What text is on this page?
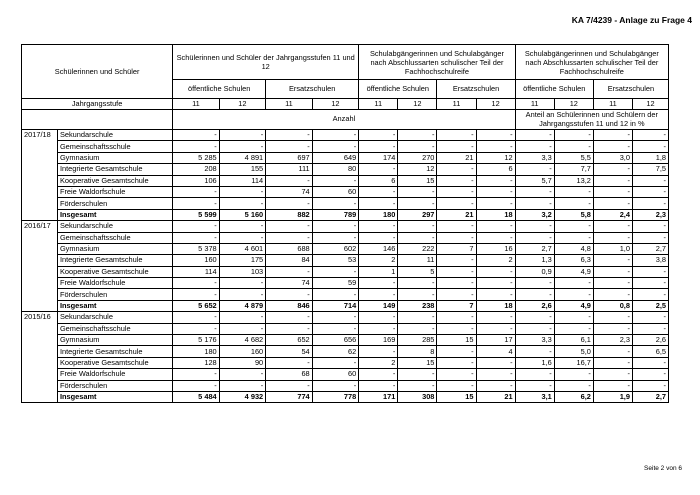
KA 7/4239 - Anlage zu Frage 4
Schülerinnen und Schüler		Schülerinnen und Schüler der Jahrgangsstufen 11 und 12				Schulabgängerinnen und Schulabgänger nach Abschlussarten schulischer Teil der Fachhochschulreife				Schulabgängerinnen und Schulabgänger nach Abschlussarten schulischer Teil der Fachhochschulreife			
		öffentliche Schulen		Ersatzschulen		öffentliche Schulen		Ersatzschulen		öffentliche Schulen		Ersatzschulen	
Jahrgangsstufe		11	12	11	12	11	12	11	12	11	12	11	12
		Anzahl								Anteil an Schülerinnen und Schülern der Jahrgangsstufen 11 und 12 in %			
2017/18	Sekundarschule	-	-	-	-	-	-	-	-	-	-	-	-
	Gemeinschaftsschule	-	-	-	-	-	-	-	-	-	-	-	-
	Gymnasium	5 285	4 891	697	649	174	270	21	12	3,3	5,5	3,0	1,8
	Integrierte Gesamtschule	208	155	111	80	-	12	-	6	-	7,7	-	7,5
	Kooperative Gesamtschule	106	114	-	-	6	15	-	-	5,7	13,2	-	-
	Freie Waldorfschule	-	-	74	60	-	-	-	-	-	-	-	-
	Förderschulen	-	-	-	-	-	-	-	-	-	-	-	-
	Insgesamt	5 599	5 160	882	789	180	297	21	18	3,2	5,8	2,4	2,3
2016/17	Sekundarschule	-	-	-	-	-	-	-	-	-	-	-	-
	Gemeinschaftsschule	-	-	-	-	-	-	-	-	-	-	-	-
	Gymnasium	5 378	4 601	688	602	146	222	7	16	2,7	4,8	1,0	2,7
	Integrierte Gesamtschule	160	175	84	53	2	11	-	2	1,3	6,3	-	3,8
	Kooperative Gesamtschule	114	103	-	-	1	5	-	-	0,9	4,9	-	-
	Freie Waldorfschule	-	-	74	59	-	-	-	-	-	-	-	-
	Förderschulen	-	-	-	-	-	-	-	-	-	-	-	-
	Insgesamt	5 652	4 879	846	714	149	238	7	18	2,6	4,9	0,8	2,5
2015/16	Sekundarschule	-	-	-	-	-	-	-	-	-	-	-	-
	Gemeinschaftsschule	-	-	-	-	-	-	-	-	-	-	-	-
	Gymnasium	5 176	4 682	652	656	169	285	15	17	3,3	6,1	2,3	2,6
	Integrierte Gesamtschule	180	160	54	62	-	8	-	4	-	5,0	-	6,5
	Kooperative Gesamtschule	128	90	-	-	2	15	-	-	1,6	16,7	-	-
	Freie Waldorfschule	-	-	68	60	-	-	-	-	-	-	-	-
	Förderschulen	-	-	-	-	-	-	-	-	-	-	-	-
	Insgesamt	5 484	4 932	774	778	171	308	15	21	3,1	6,2	1,9	2,7
Seite 2 von 6
